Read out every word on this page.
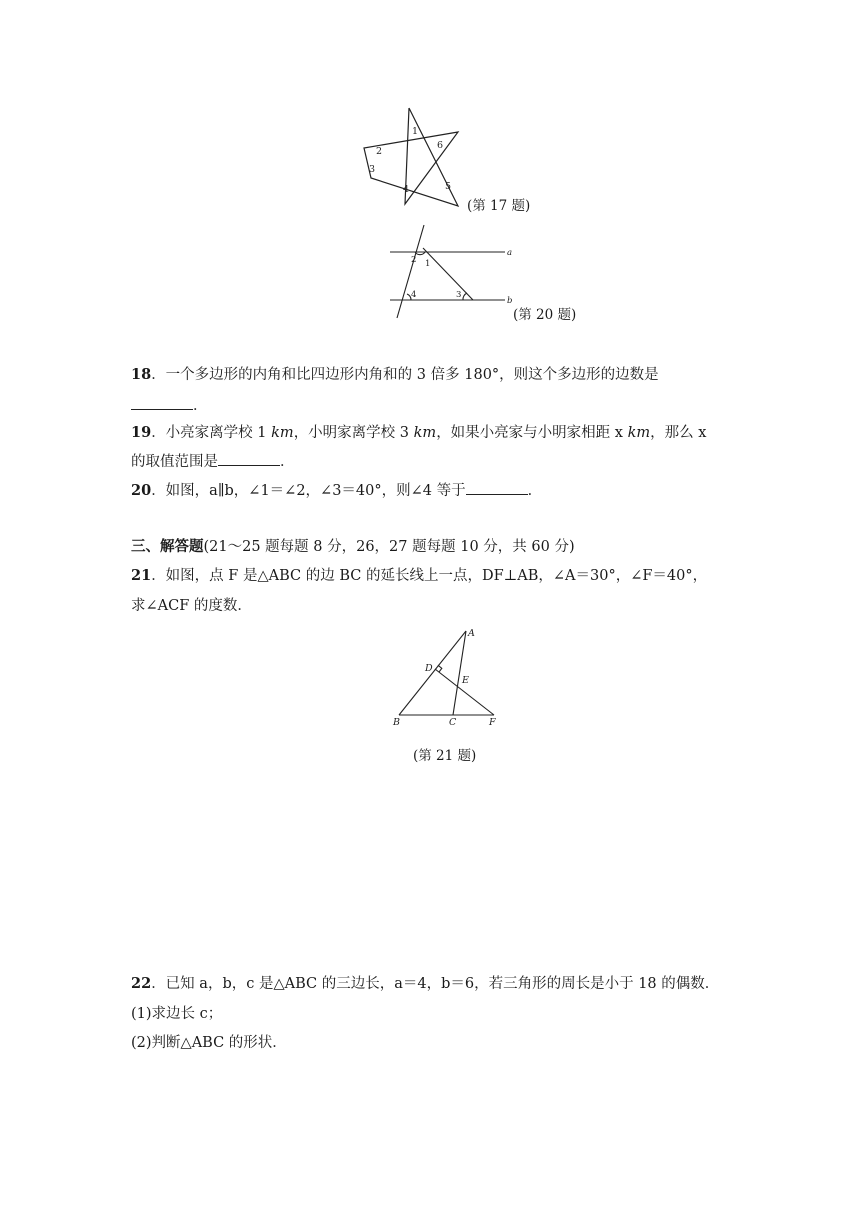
1
2
3
4	5
6
(第 17 题)
1
2
3
4
a
b
(第 20 题)
18．一个多边形的内角和比四边形内角和的 3 倍多 180°，则这个多边形的边数是
．
19．小亮家离学校 1 km，小明家离学校 3 km，如果小亮家与小明家相距 x km，那么 x
的取值范围是	．
20．如图，a∥b，∠1＝∠2，∠3＝40°，则∠4 等于	．
三、解答题(21～25 题每题 8 分，26，27 题每题 10 分，共 60 分)
21．如图，点 F 是△ABC 的边 BC 的延长线上一点，DF⊥AB，∠A＝30°，∠F＝40°，
求∠ACF 的度数．
A
B	C
D
E
F
(第 21 题)
22．已知 a，b，c 是△ABC 的三边长，a＝4，b＝6，若三角形的周长是小于 18 的偶数．
(1)求边长 c；
(2)判断△ABC 的形状．
